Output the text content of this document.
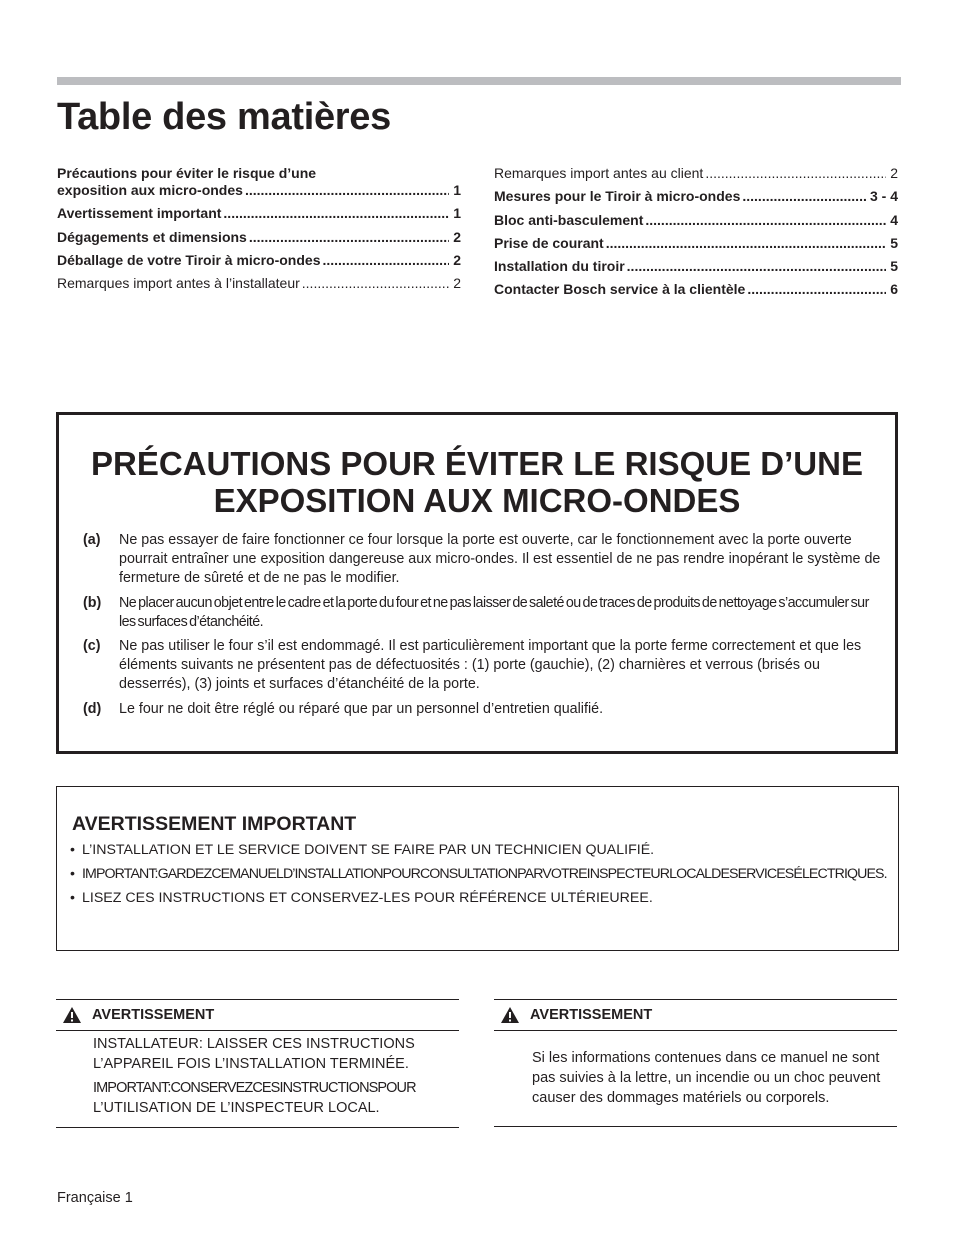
Table des matières
Précautions pour éviter le risque d’une
exposition aux micro-ondes .....	1
Avertissement important .....	1
Dégagements et dimensions .....	2
Déballage de votre Tiroir à micro-ondes .....	2
Remarques import antes à l’installateur .....	2
Remarques import antes au client .....	2
Mesures pour le Tiroir à micro-ondes .....	3 - 4
Bloc anti-basculement .....	4
Prise de courant .....	5
Installation du tiroir .....	5
Contacter Bosch service à la clientèle .....	6
PRÉCAUTIONS POUR ÉVITER LE RISQUE D’UNE
EXPOSITION AUX MICRO-ONDES
(a)	Ne pas essayer de faire fonctionner ce four lorsque la porte est ouverte, car le fonctionnement avec la porte ouverte pourrait entraîner une exposition dangereuse aux micro-ondes. Il est essentiel de ne pas rendre inopérant le système de fermeture de sûreté et de ne pas le modifier.
(b)	Ne placer aucun objet entre le cadre et la porte du four et ne pas laisser de saleté ou de traces de produits de nettoyage s’accumuler sur les surfaces d’étanchéité.
(c)	Ne pas utiliser le four s’il est endommagé. Il est particulièrement important que la porte ferme correctement et que les éléments suivants ne présentent pas de défectuosités : (1) porte (gauchie), (2) charnières et verrous (brisés ou desserrés), (3) joints et surfaces d’étanchéité de la porte.
(d)	Le four ne doit être réglé ou réparé que par un personnel d’entretien qualifié.
AVERTISSEMENT IMPORTANT
• L’INSTALLATION ET LE SERVICE DOIVENT SE FAIRE PAR UN TECHNICIEN QUALIFIÉ.
• IMPORTANT:GARDEZCEMANUELD’INSTALLATIONPOURCONSULTATIONPARVOTREINSPECTEURLOCALDESERVICES ÉLECTRIQUES.
• LISEZ CES INSTRUCTIONS ET CONSERVEZ-LES POUR RÉFÉRENCE ULTÉRIEUREE.
AVERTISSEMENT

INSTALLATEUR: LAISSER CES INSTRUCTIONS L’APPAREIL FOIS L’INSTALLATION TERMINÉE.

IMPORTANT:CONSERVEZCESINSTRUCTIONSPOUR
L’UTILISATION DE L’INSPECTEUR LOCAL.

AVERTISSEMENT
Si les informations contenues dans ce manuel ne sont pas suivies à la lettre, un incendie ou un choc peuvent causer des dommages matériels ou corporels.
Française 1
